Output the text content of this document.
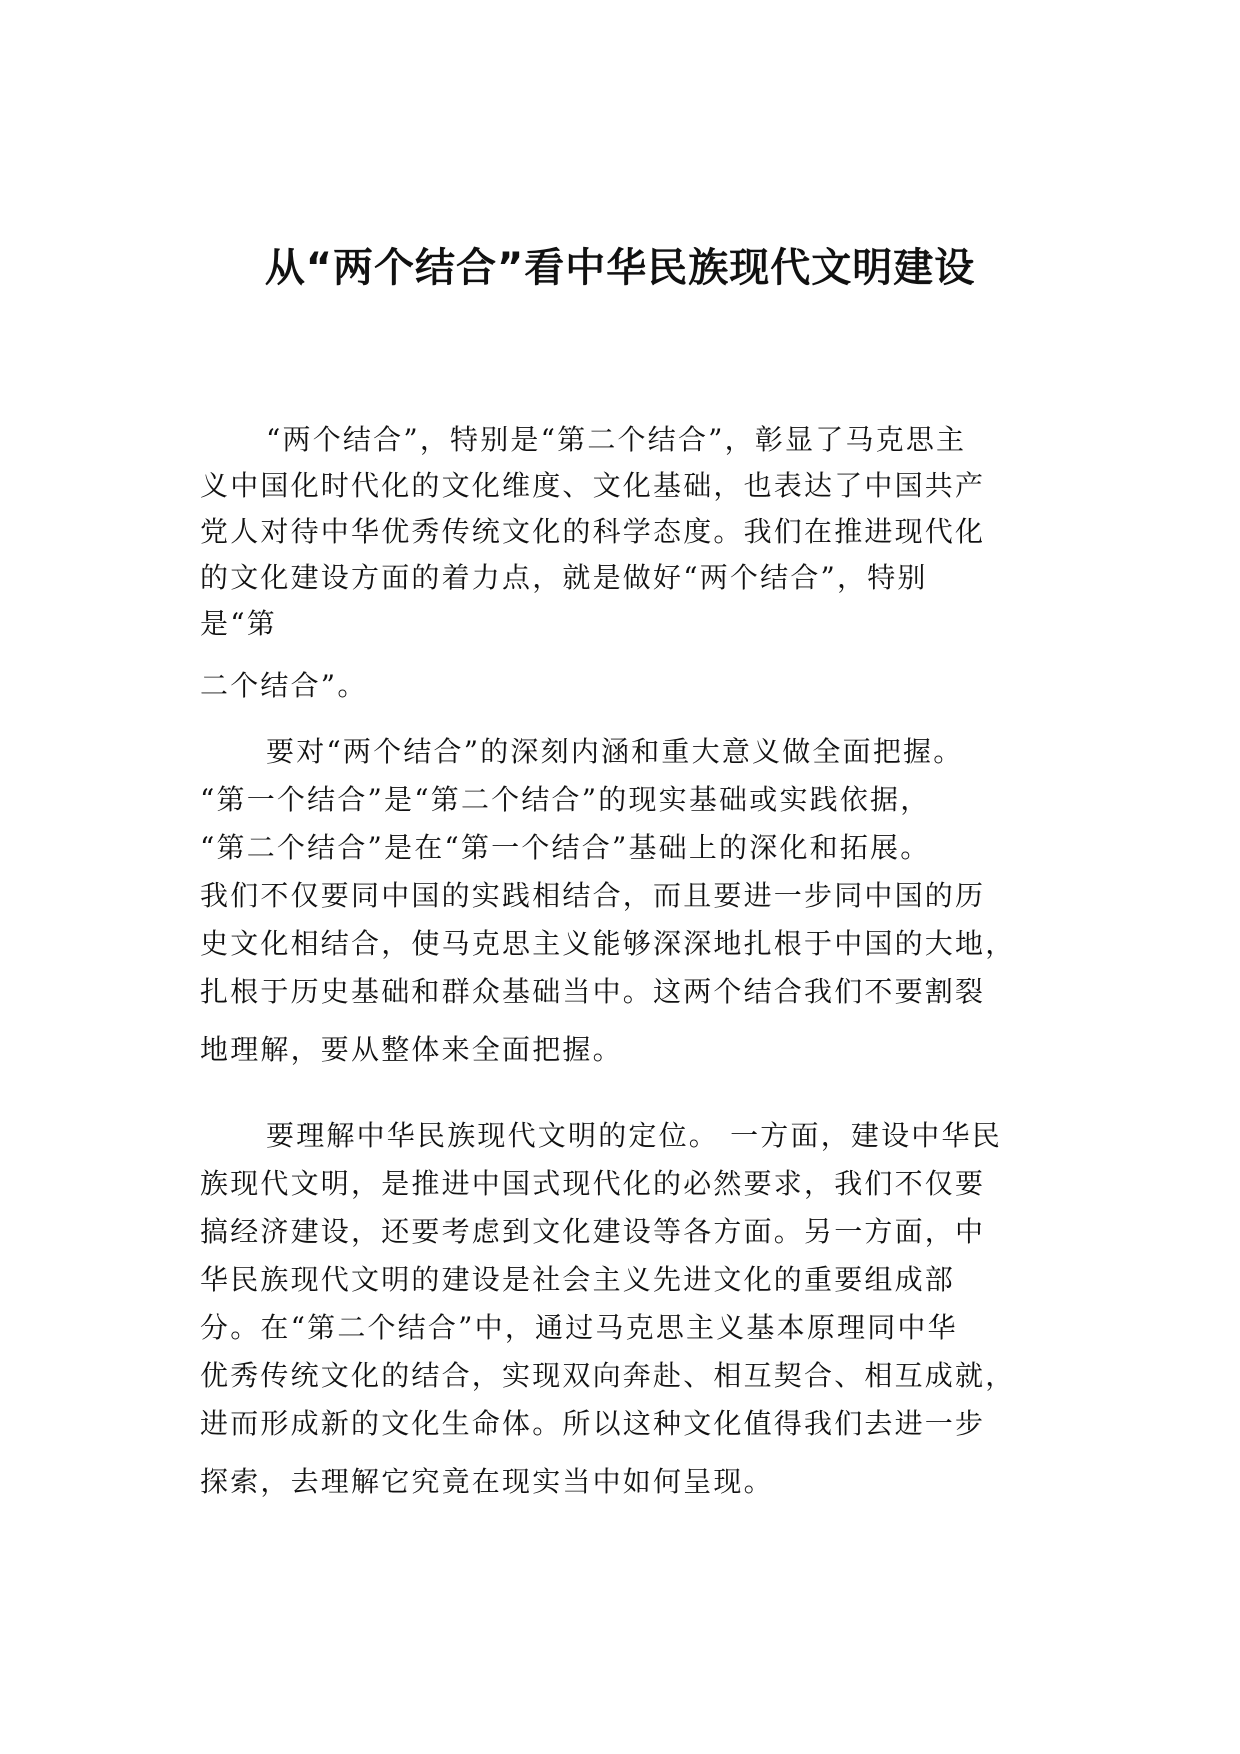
从“两个结合”看中华民族现代文明建设
“两个结合”，特别是“第二个结合”，彰显了马克思主
义中国化时代化的文化维度、文化基础，也表达了中国共产
党人对待中华优秀传统文化的科学态度。我们在推进现代化
的文化建设方面的着力点，就是做好“两个结合”，特别
是“第
二个结合”。
要对“两个结合”的深刻内涵和重大意义做全面把握。
“第一个结合”是“第二个结合”的现实基础或实践依据，
“第二个结合”是在“第一个结合”基础上的深化和拓展。
我们不仅要同中国的实践相结合，而且要进一步同中国的历
史文化相结合，使马克思主义能够深深地扎根于中国的大地，
扎根于历史基础和群众基础当中。这两个结合我们不要割裂
地理解，要从整体来全面把握。
要理解中华民族现代文明的定位。 一方面，建设中华民
族现代文明，是推进中国式现代化的必然要求，我们不仅要
搞经济建设，还要考虑到文化建设等各方面。另一方面，中
华民族现代文明的建设是社会主义先进文化的重要组成部
分。在“第二个结合”中，通过马克思主义基本原理同中华
优秀传统文化的结合，实现双向奔赴、相互契合、相互成就，
进而形成新的文化生命体。所以这种文化值得我们去进一步
探索，去理解它究竟在现实当中如何呈现。
